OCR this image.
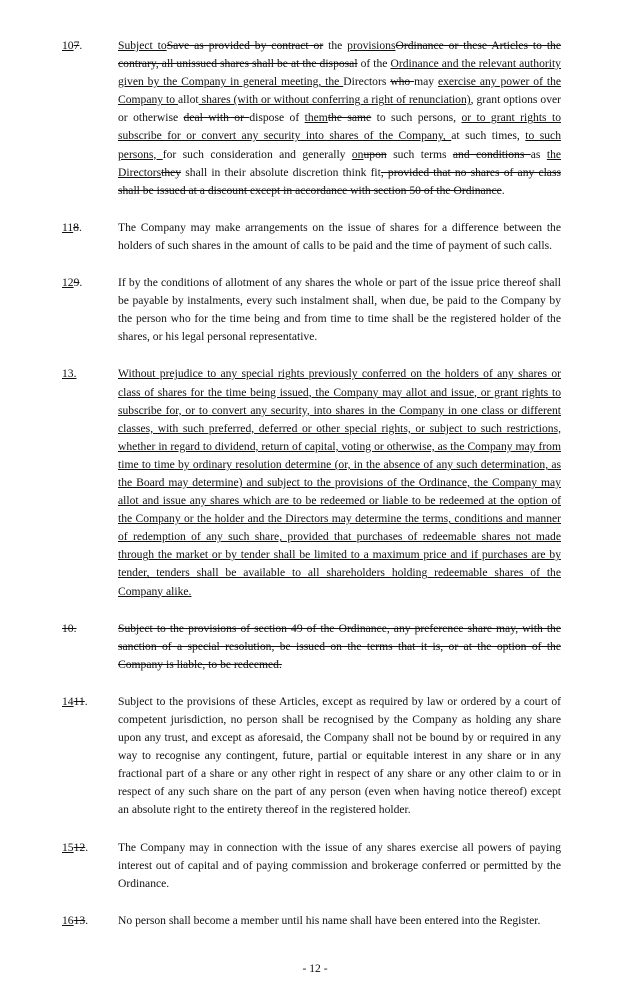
107.	Subject toSave as provided by contract or the provisionsOrdinance or these Articles to the contrary, all unissued shares shall be at the disposal of the Ordinance and the relevant authority given by the Company in general meeting, the Directors who may exercise any power of the Company to allot shares (with or without conferring a right of renunciation), grant options over or otherwise deal with or dispose of themthe same to such persons, or to grant rights to subscribe for or convert any security into shares of the Company, at such times, to such persons, for such consideration and generally onupon such terms and conditions as the Directorsthey shall in their absolute discretion think fit, provided that no shares of any class shall be issued at a discount except in accordance with section 50 of the Ordinance.
118.	The Company may make arrangements on the issue of shares for a difference between the holders of such shares in the amount of calls to be paid and the time of payment of such calls.
129.	If by the conditions of allotment of any shares the whole or part of the issue price thereof shall be payable by instalments, every such instalment shall, when due, be paid to the Company by the person who for the time being and from time to time shall be the registered holder of the shares, or his legal personal representative.
13.	Without prejudice to any special rights previously conferred on the holders of any shares or class of shares for the time being issued, the Company may allot and issue, or grant rights to subscribe for, or to convert any security, into shares in the Company in one class or different classes, with such preferred, deferred or other special rights, or subject to such restrictions, whether in regard to dividend, return of capital, voting or otherwise, as the Company may from time to time by ordinary resolution determine (or, in the absence of any such determination, as the Board may determine) and subject to the provisions of the Ordinance, the Company may allot and issue any shares which are to be redeemed or liable to be redeemed at the option of the Company or the holder and the Directors may determine the terms, conditions and manner of redemption of any such share, provided that purchases of redeemable shares not made through the market or by tender shall be limited to a maximum price and if purchases are by tender, tenders shall be available to all shareholders holding redeemable shares of the Company alike.
10.	Subject to the provisions of section 49 of the Ordinance, any preference share may, with the sanction of a special resolution, be issued on the terms that it is, or at the option of the Company is liable, to be redeemed.
1411.	Subject to the provisions of these Articles, except as required by law or ordered by a court of competent jurisdiction, no person shall be recognised by the Company as holding any share upon any trust, and except as aforesaid, the Company shall not be bound by or required in any way to recognise any contingent, future, partial or equitable interest in any share or in any fractional part of a share or any other right in respect of any share or any other claim to or in respect of any such share on the part of any person (even when having notice thereof) except an absolute right to the entirety thereof in the registered holder.
1512.	The Company may in connection with the issue of any shares exercise all powers of paying interest out of capital and of paying commission and brokerage conferred or permitted by the Ordinance.
1613.	No person shall become a member until his name shall have been entered into the Register.
- 12 -
